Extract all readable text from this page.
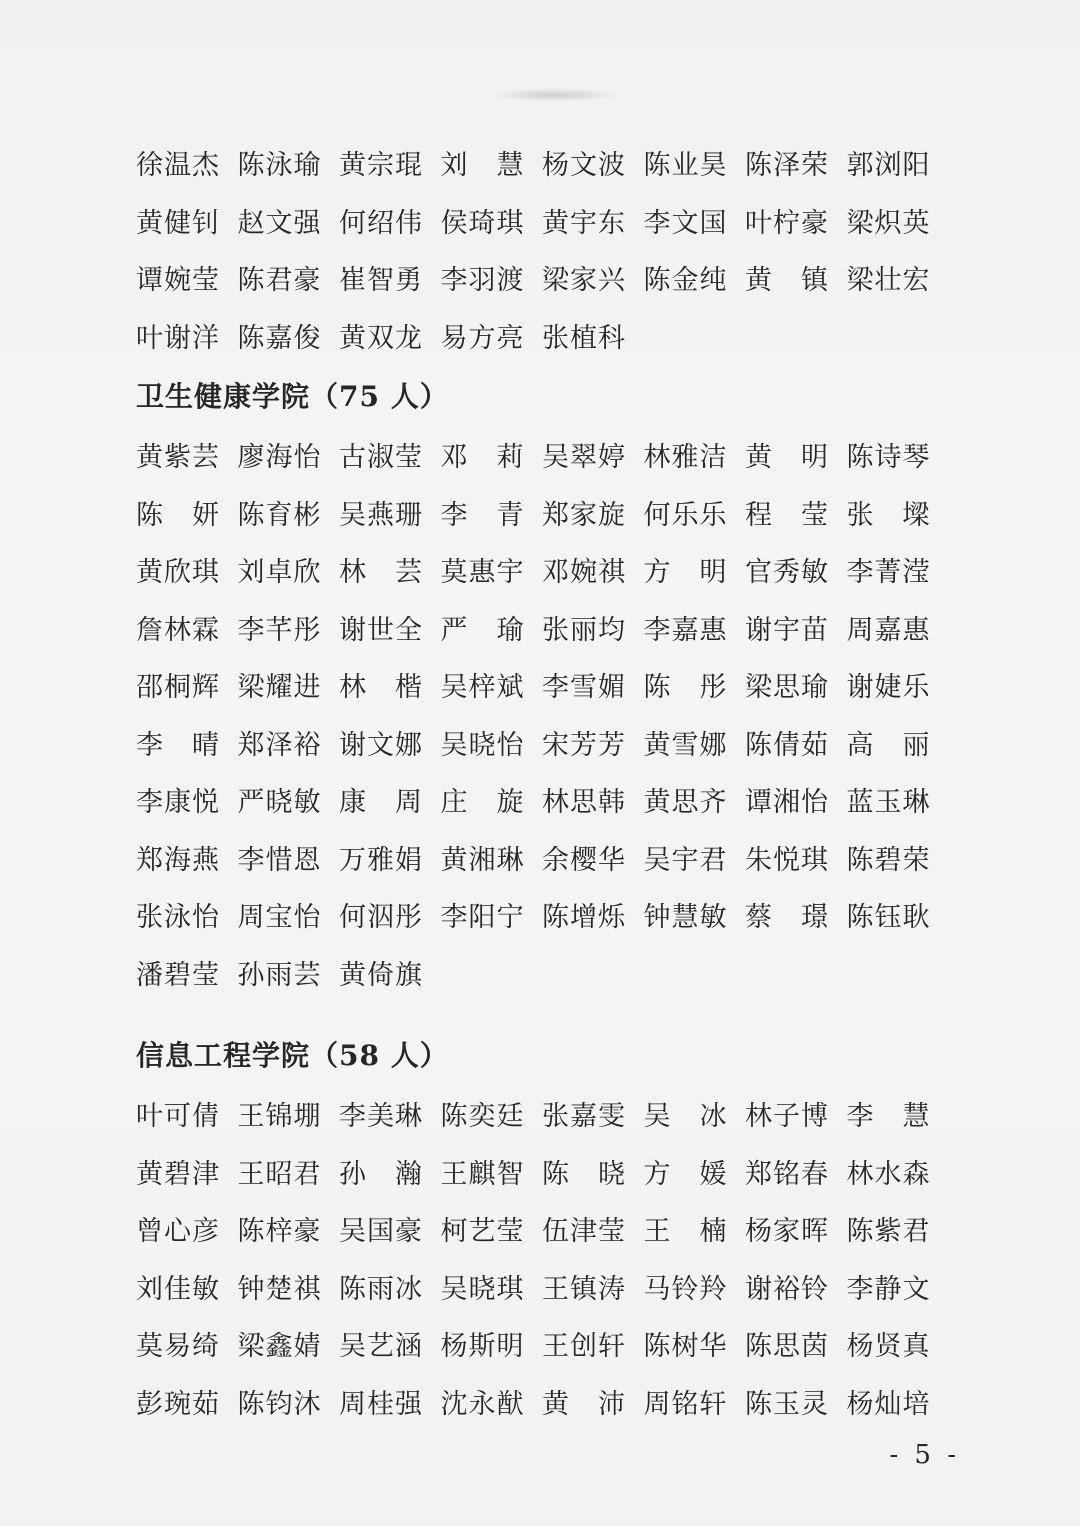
徐温杰 陈泳瑜 黄宗琨 刘　慧 杨文波 陈业昊 陈泽荣 郭浏阳
黄健钊 赵文强 何绍伟 侯琦琪 黄宇东 李文国 叶柠豪 梁炽英
谭婉莹 陈君豪 崔智勇 李羽渡 梁家兴 陈金纯 黄　镇 梁壮宏
叶谢洋 陈嘉俊 黄双龙 易方亮 张植科
卫生健康学院（75 人）
黄紫芸 廖海怡 古淑莹 邓　莉 吴翠婷 林雅洁 黄　明 陈诗琴
陈　妍 陈育彬 吴燕珊 李　青 郑家旋 何乐乐 程　莹 张　墚
黄欣琪 刘卓欣 林　芸 莫惠宇 邓婉祺 方　明 官秀敏 李菁滢
詹林霖 李芊彤 谢世全 严　瑜 张丽均 李嘉惠 谢宇苗 周嘉惠
邵桐辉 梁耀进 林　楷 吴梓斌 李雪媚 陈　彤 梁思瑜 谢婕乐
李　晴 郑泽裕 谢文娜 吴晓怡 宋芳芳 黄雪娜 陈倩茹 高　丽
李康悦 严晓敏 康　周 庄　旋 林思韩 黄思齐 谭湘怡 蓝玉琳
郑海燕 李惜恩 万雅娟 黄湘琳 余樱华 吴宇君 朱悦琪 陈碧荣
张泳怡 周宝怡 何泅彤 李阳宁 陈增烁 钟慧敏 蔡　璟 陈钰耿
潘碧莹 孙雨芸 黄倚旗
信息工程学院（58 人）
叶可倩 王锦堋 李美琳 陈奕廷 张嘉雯 吴　冰 林子博 李　慧
黄碧津 王昭君 孙　瀚 王麒智 陈　晓 方　媛 郑铭春 林水森
曾心彦 陈梓豪 吴国豪 柯艺莹 伍津莹 王　楠 杨家晖 陈紫君
刘佳敏 钟楚祺 陈雨冰 吴晓琪 王镇涛 马铃羚 谢裕铃 李静文
莫易绮 梁鑫婧 吴艺涵 杨斯明 王创轩 陈树华 陈思茵 杨贤真
彭琬茹 陈钧沐 周桂强 沈永猷 黄　沛 周铭轩 陈玉灵 杨灿培
- 5 -
